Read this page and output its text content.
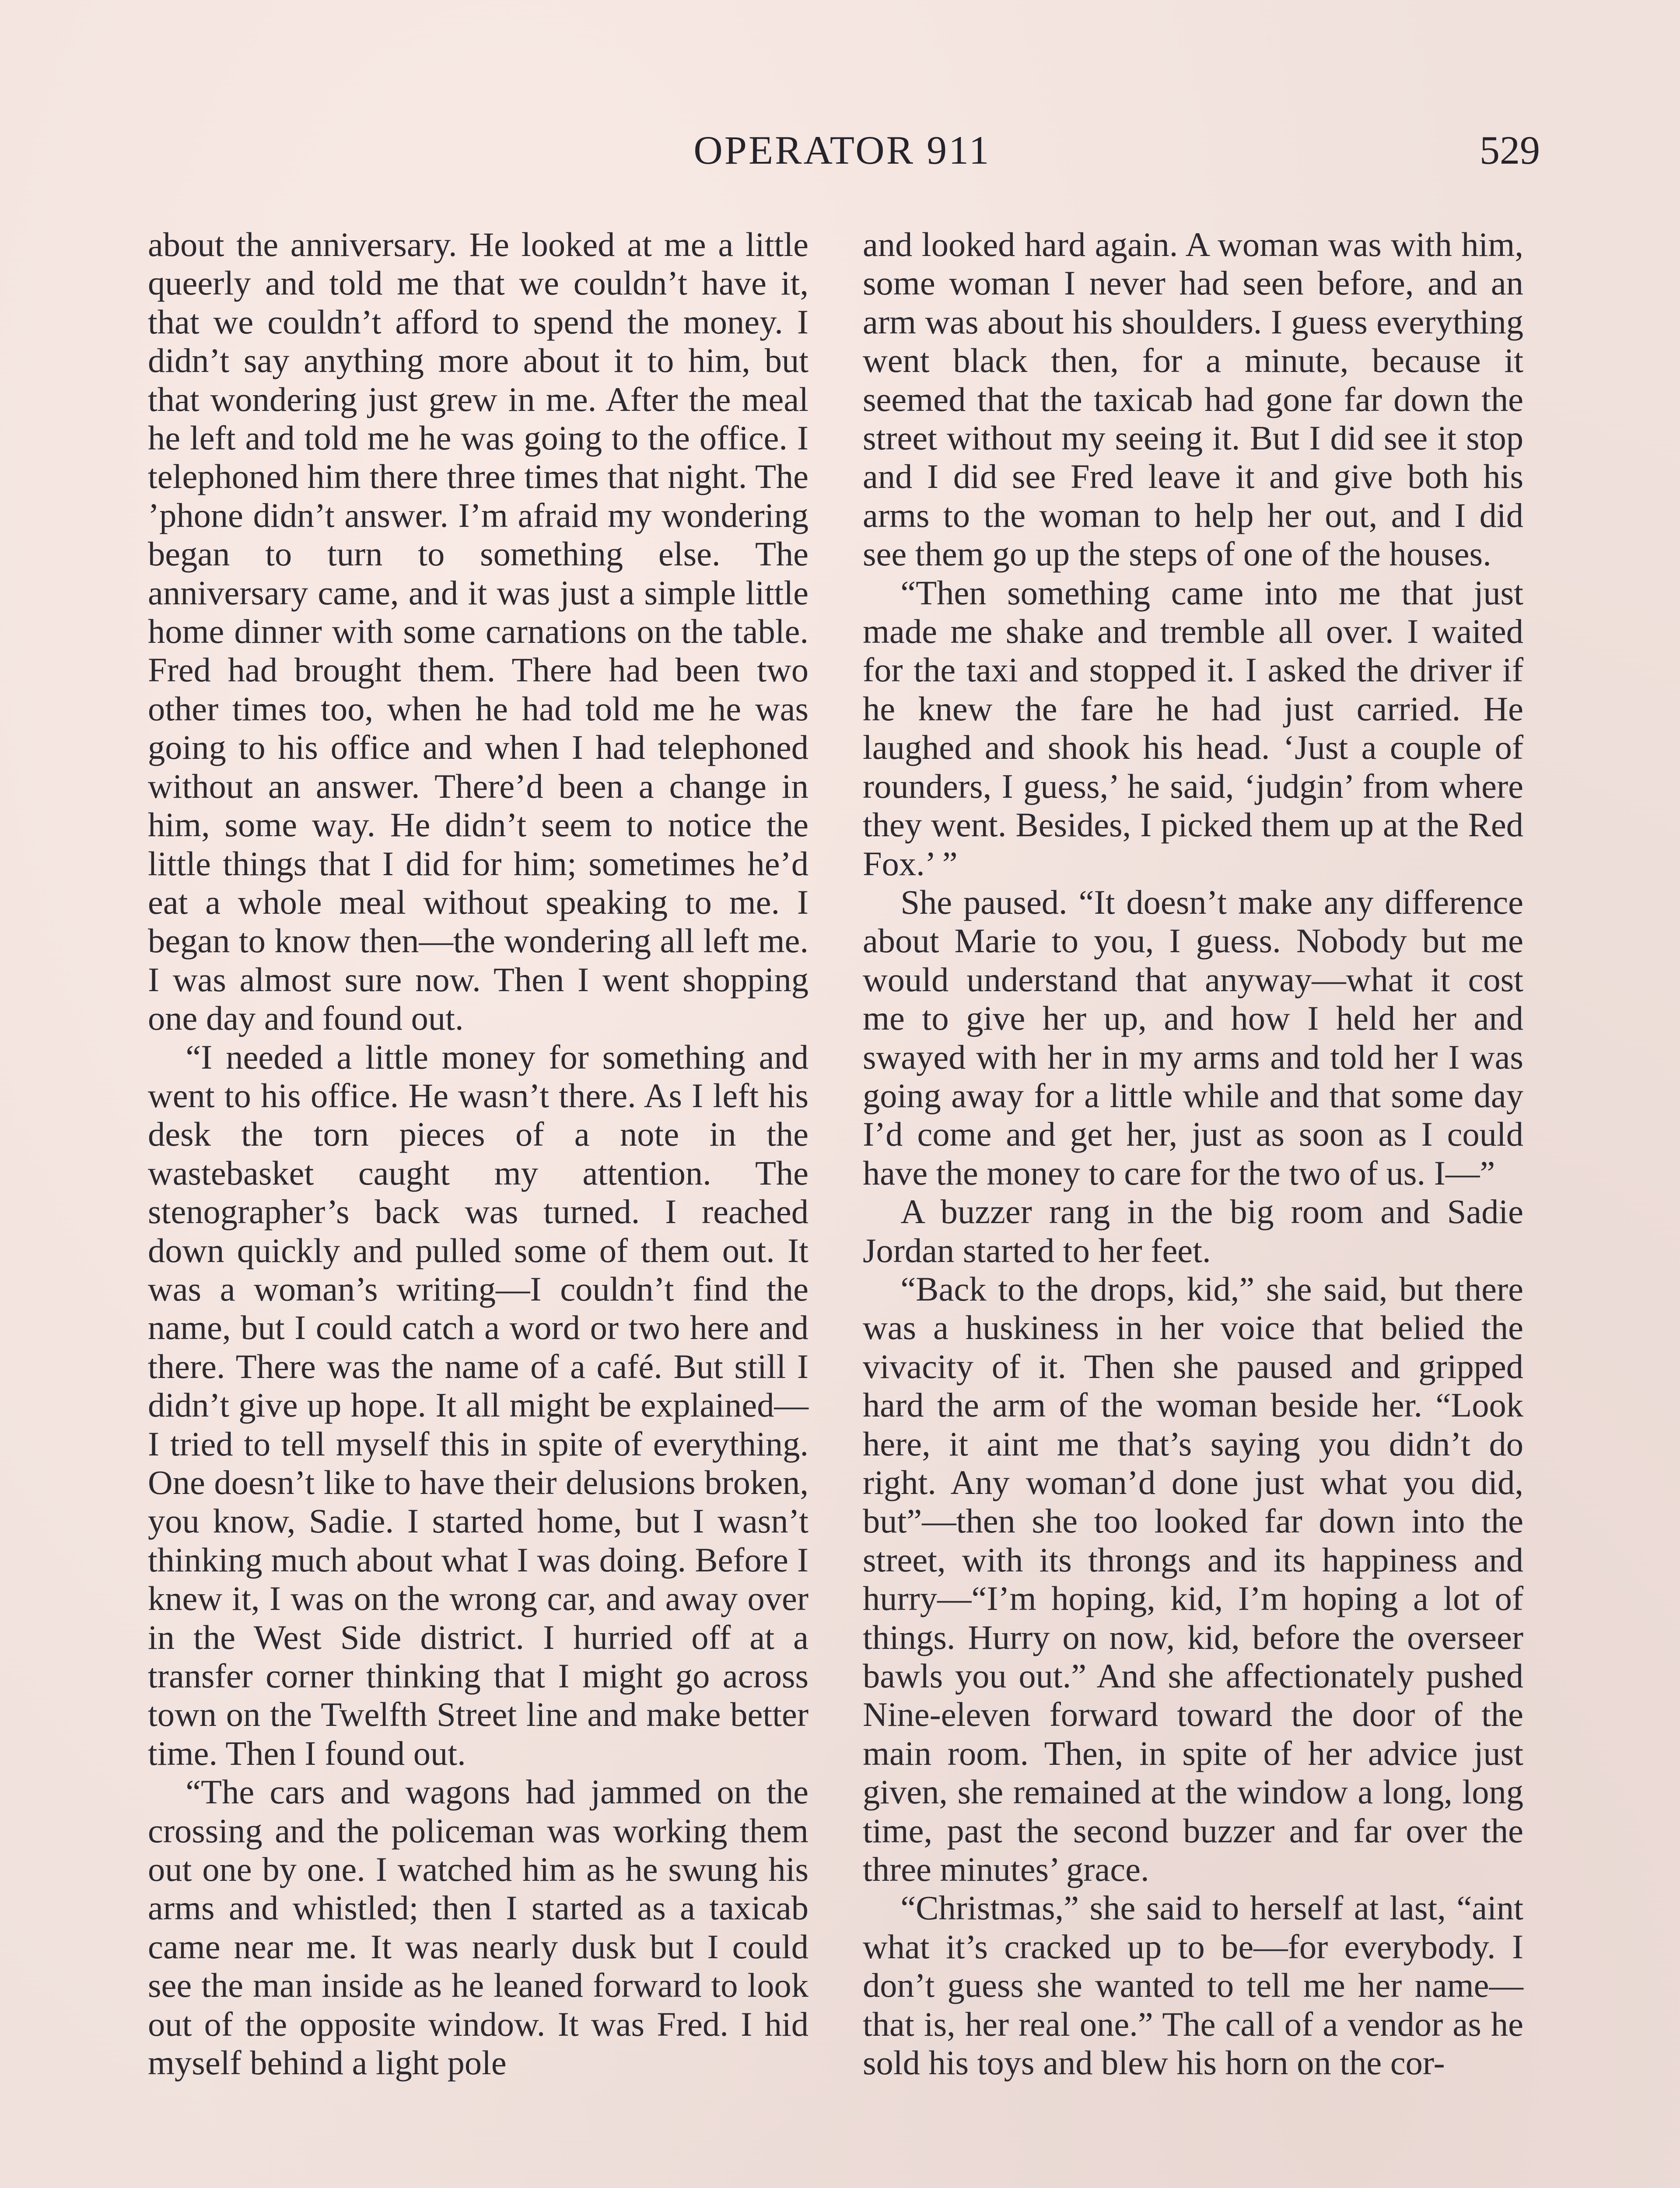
OPERATOR 911	529

about the anniversary. He looked at me a little queerly and told me that we couldn’t have it, that we couldn’t afford to spend the money. I didn’t say anything more about it to him, but that wondering just grew in me. After the meal he left and told me he was going to the office. I telephoned him there three times that night. The ’phone didn’t answer. I’m afraid my wondering began to turn to something else. The anniversary came, and it was just a simple little home dinner with some carnations on the table. Fred had brought them. There had been two other times too, when he had told me he was going to his office and when I had telephoned without an answer. There’d been a change in him, some way. He didn’t seem to notice the little things that I did for him; sometimes he’d eat a whole meal without speaking to me. I began to know then—the wondering all left me. I was almost sure now. Then I went shopping one day and found out.

“I needed a little money for something and went to his office. He wasn’t there. As I left his desk the torn pieces of a note in the wastebasket caught my attention. The stenographer’s back was turned. I reached down quickly and pulled some of them out. It was a woman’s writing—I couldn’t find the name, but I could catch a word or two here and there. There was the name of a café. But still I didn’t give up hope. It all might be explained—I tried to tell myself this in spite of everything. One doesn’t like to have their delusions broken, you know, Sadie. I started home, but I wasn’t thinking much about what I was doing. Before I knew it, I was on the wrong car, and away over in the West Side district. I hurried off at a transfer corner thinking that I might go across town on the Twelfth Street line and make better time. Then I found out.

“The cars and wagons had jammed on the crossing and the policeman was working them out one by one. I watched him as he swung his arms and whistled; then I started as a taxicab came near me. It was nearly dusk but I could see the man inside as he leaned forward to look out of the opposite window. It was Fred. I hid myself behind a light pole

and looked hard again. A woman was with him, some woman I never had seen before, and an arm was about his shoulders. I guess everything went black then, for a minute, because it seemed that the taxicab had gone far down the street without my seeing it. But I did see it stop and I did see Fred leave it and give both his arms to the woman to help her out, and I did see them go up the steps of one of the houses.

“Then something came into me that just made me shake and tremble all over. I waited for the taxi and stopped it. I asked the driver if he knew the fare he had just carried. He laughed and shook his head. ‘Just a couple of rounders, I guess,’ he said, ‘judgin’ from where they went. Besides, I picked them up at the Red Fox.’ ”

She paused. “It doesn’t make any difference about Marie to you, I guess. Nobody but me would understand that anyway—what it cost me to give her up, and how I held her and swayed with her in my arms and told her I was going away for a little while and that some day I’d come and get her, just as soon as I could have the money to care for the two of us. I—”

A buzzer rang in the big room and Sadie Jordan started to her feet.

“Back to the drops, kid,” she said, but there was a huskiness in her voice that belied the vivacity of it. Then she paused and gripped hard the arm of the woman beside her. “Look here, it aint me that’s saying you didn’t do right. Any woman’d done just what you did, but”—then she too looked far down into the street, with its throngs and its happiness and hurry—“I’m hoping, kid, I’m hoping a lot of things. Hurry on now, kid, before the overseer bawls you out.” And she affectionately pushed Nine-eleven forward toward the door of the main room. Then, in spite of her advice just given, she remained at the window a long, long time, past the second buzzer and far over the three minutes’ grace.

“Christmas,” she said to herself at last, “aint what it’s cracked up to be—for everybody. I don’t guess she wanted to tell me her name—that is, her real one.” The call of a vendor as he sold his toys and blew his horn on the cor-
